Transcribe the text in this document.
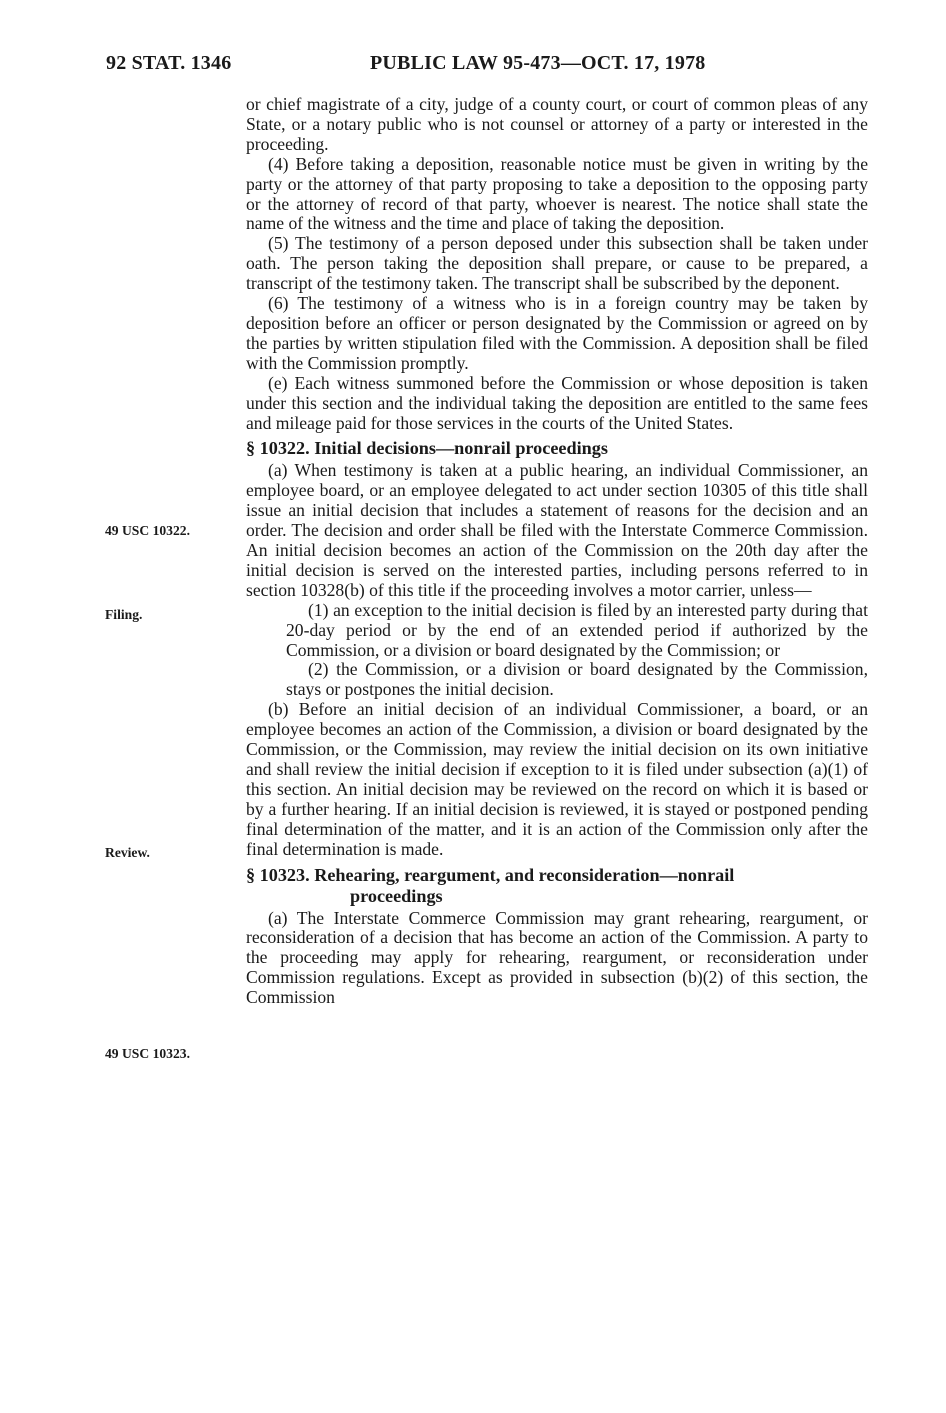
92 STAT. 1346	PUBLIC LAW 95-473—OCT. 17, 1978
49 USC 10322.
Filing.
Review.
49 USC 10323.

or chief magistrate of a city, judge of a county court, or court of common pleas of any State, or a notary public who is not counsel or attorney of a party or interested in the proceeding.

(4) Before taking a deposition, reasonable notice must be given in writing by the party or the attorney of that party proposing to take a deposition to the opposing party or the attorney of record of that party, whoever is nearest. The notice shall state the name of the witness and the time and place of taking the deposition.

(5) The testimony of a person deposed under this subsection shall be taken under oath. The person taking the deposition shall prepare, or cause to be prepared, a transcript of the testimony taken. The transcript shall be subscribed by the deponent.

(6) The testimony of a witness who is in a foreign country may be taken by deposition before an officer or person designated by the Commission or agreed on by the parties by written stipulation filed with the Commission. A deposition shall be filed with the Commission promptly.

(e) Each witness summoned before the Commission or whose deposition is taken under this section and the individual taking the deposition are entitled to the same fees and mileage paid for those services in the courts of the United States.

§ 10322. Initial decisions—nonrail proceedings

(a) When testimony is taken at a public hearing, an individual Commissioner, an employee board, or an employee delegated to act under section 10305 of this title shall issue an initial decision that includes a statement of reasons for the decision and an order. The decision and order shall be filed with the Interstate Commerce Commission. An initial decision becomes an action of the Commission on the 20th day after the initial decision is served on the interested parties, including persons referred to in section 10328(b) of this title if the proceeding involves a motor carrier, unless—

(1) an exception to the initial decision is filed by an interested party during that 20-day period or by the end of an extended period if authorized by the Commission, or a division or board designated by the Commission; or

(2) the Commission, or a division or board designated by the Commission, stays or postpones the initial decision.

(b) Before an initial decision of an individual Commissioner, a board, or an employee becomes an action of the Commission, a division or board designated by the Commission, or the Commission, may review the initial decision on its own initiative and shall review the initial decision if exception to it is filed under subsection (a)(1) of this section. An initial decision may be reviewed on the record on which it is based or by a further hearing. If an initial decision is reviewed, it is stayed or postponed pending final determination of the matter, and it is an action of the Commission only after the final determination is made.

§ 10323. Rehearing, reargument, and reconsideration—nonrail
proceedings

(a) The Interstate Commerce Commission may grant rehearing, reargument, or reconsideration of a decision that has become an action of the Commission. A party to the proceeding may apply for rehearing, reargument, or reconsideration under Commission regulations. Except as provided in subsection (b)(2) of this section, the Commission
